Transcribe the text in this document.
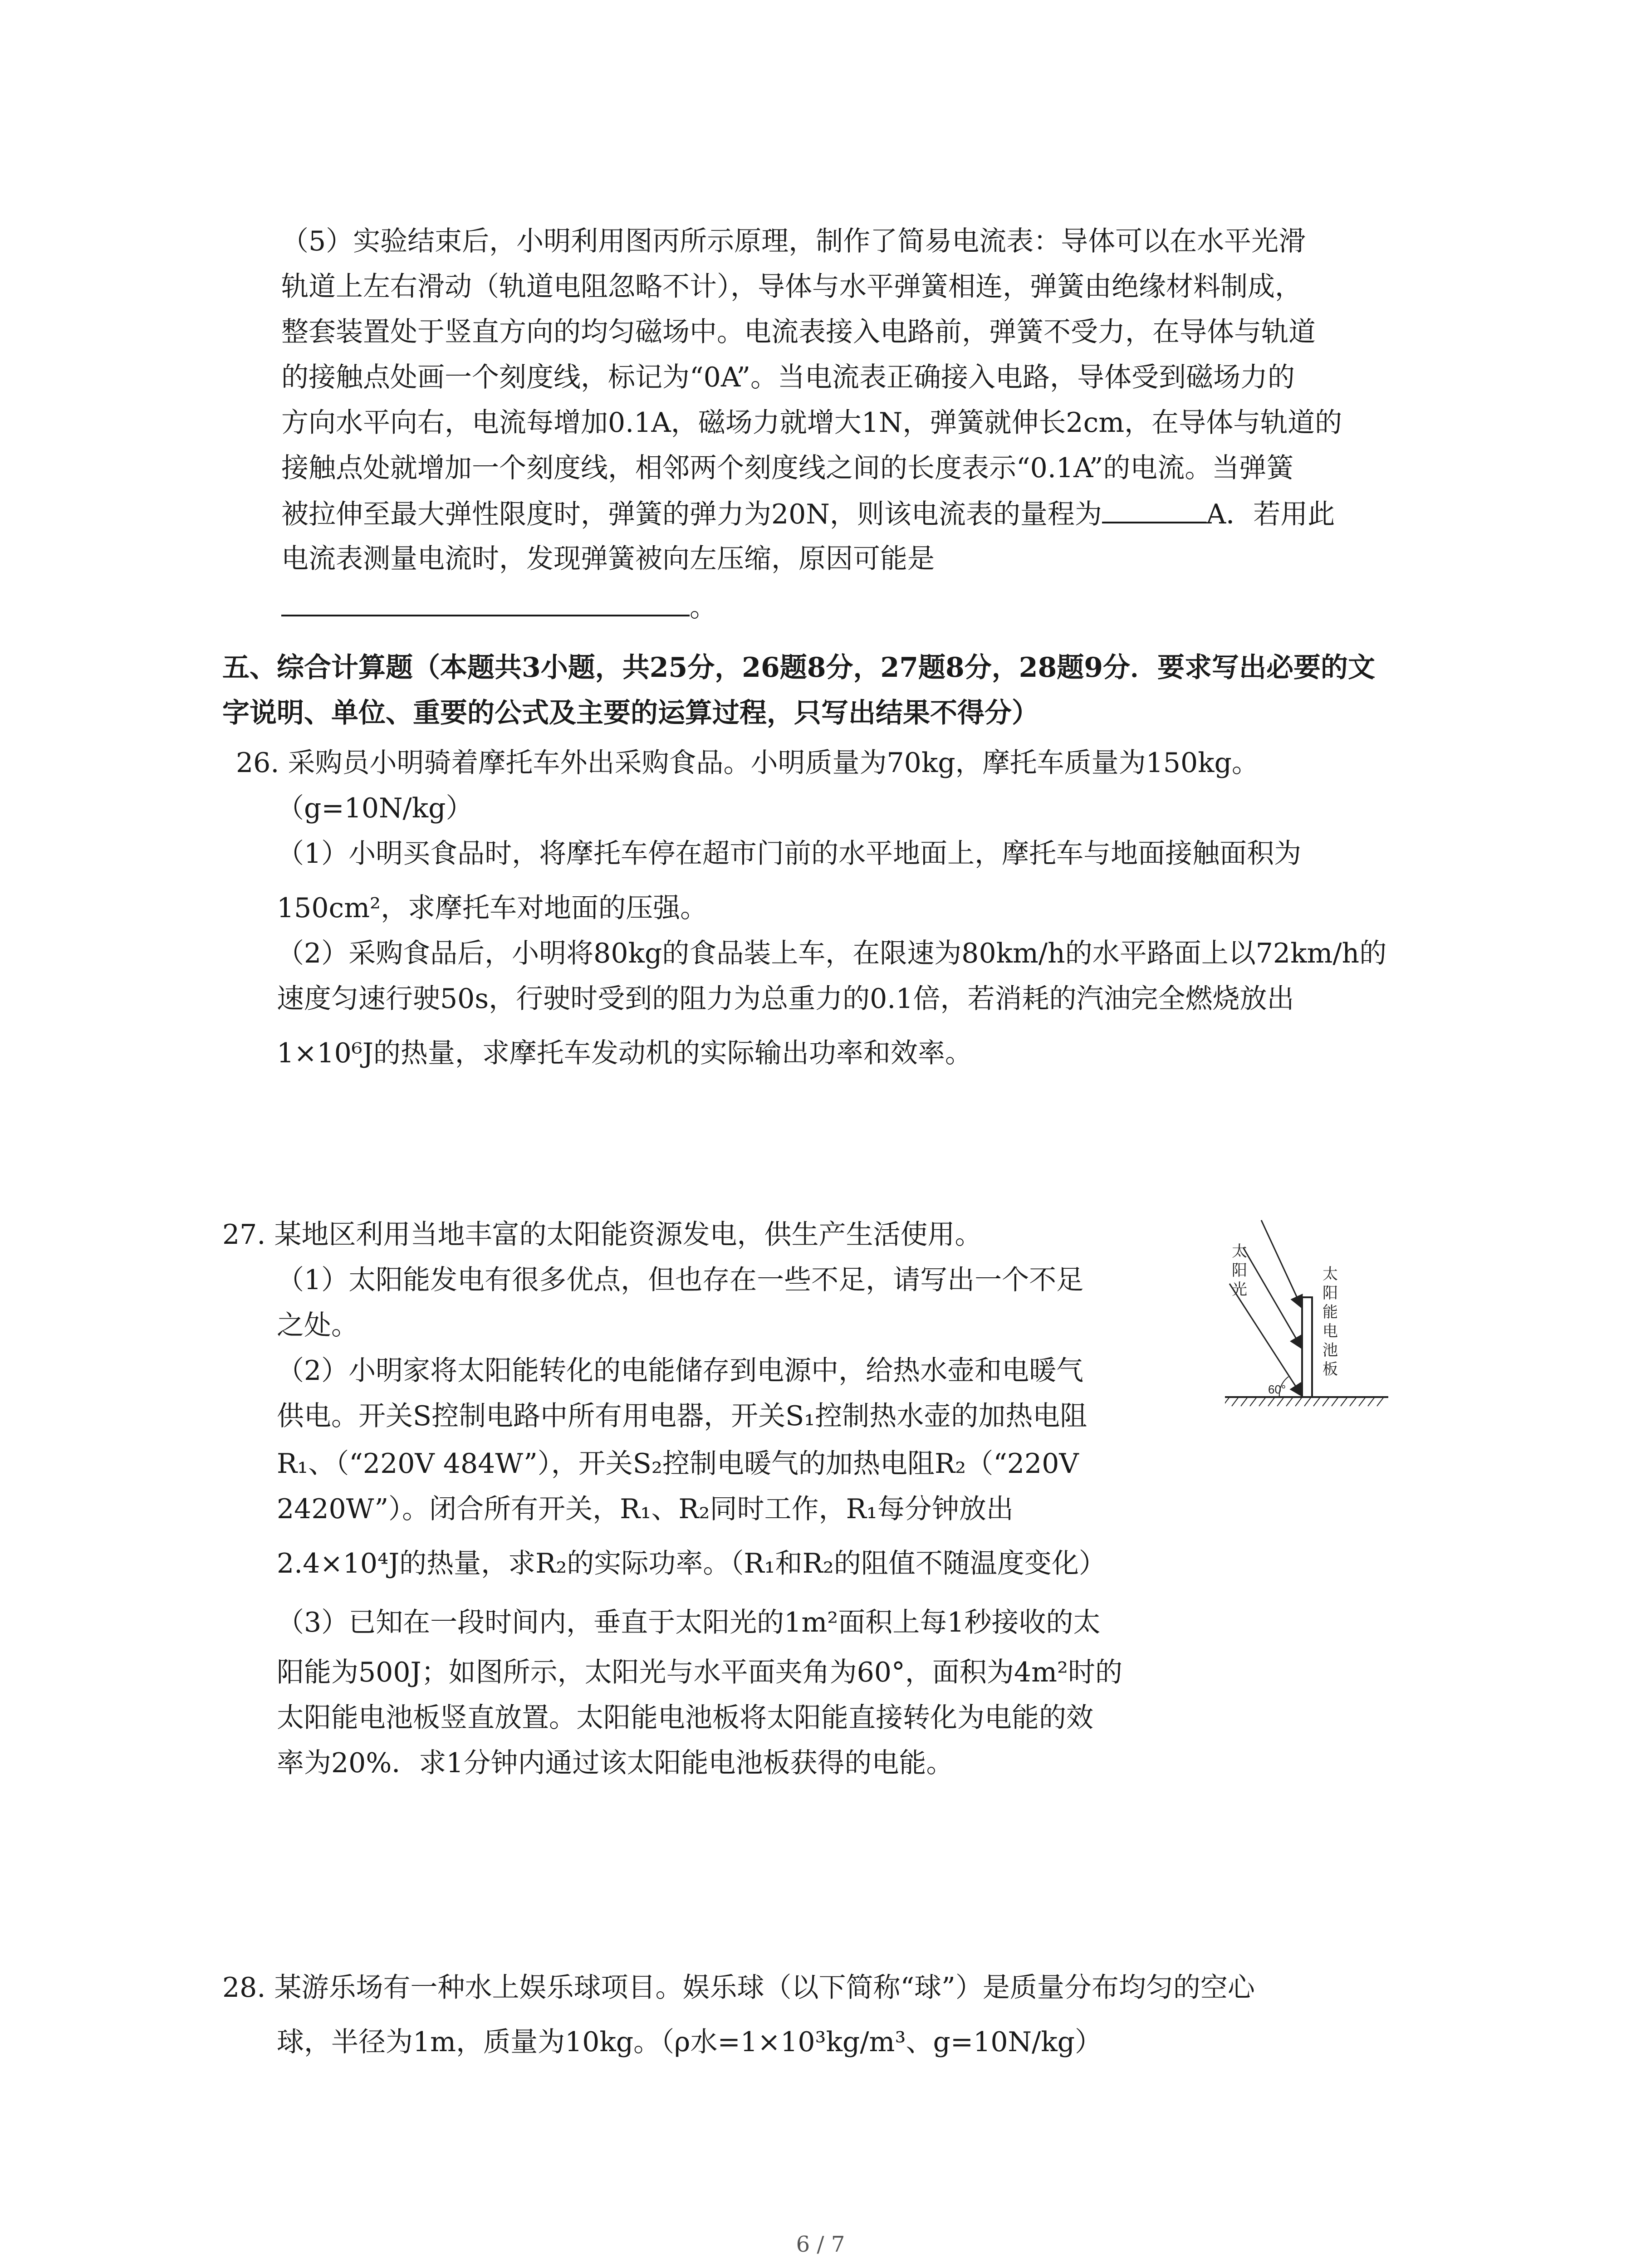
（5）实验结束后，小明利用图丙所示原理，制作了简易电流表：导体可以在水平光滑
轨道上左右滑动（轨道电阻忽略不计），导体与水平弹簧相连，弹簧由绝缘材料制成，
整套装置处于竖直方向的均匀磁场中。电流表接入电路前，弹簧不受力，在导体与轨道
的接触点处画一个刻度线，标记为“0A”。当电流表正确接入电路，导体受到磁场力的
方向水平向右，电流每增加0.1A，磁场力就增大1N，弹簧就伸长2cm，在导体与轨道的
接触点处就增加一个刻度线，相邻两个刻度线之间的长度表示“0.1A”的电流。当弹簧
被拉伸至最大弹性限度时，弹簧的弹力为20N，则该电流表的量程为	A．若用此
电流表测量电流时，发现弹簧被向左压缩，原因可能是
。
五、综合计算题（本题共3小题，共25分，26题8分，27题8分，28题9分．要求写出必要的文
字说明、单位、重要的公式及主要的运算过程，只写出结果不得分）
26. 采购员小明骑着摩托车外出采购食品。小明质量为70kg，摩托车质量为150kg。
（g=10N/kg）
（1）小明买食品时，将摩托车停在超市门前的水平地面上，摩托车与地面接触面积为
150cm²，求摩托车对地面的压强。
（2）采购食品后，小明将80kg的食品装上车，在限速为80km/h的水平路面上以72km/h的
速度匀速行驶50s，行驶时受到的阻力为总重力的0.1倍，若消耗的汽油完全燃烧放出
1×10⁶J的热量，求摩托车发动机的实际输出功率和效率。
27. 某地区利用当地丰富的太阳能资源发电，供生产生活使用。
（1）太阳能发电有很多优点，但也存在一些不足，请写出一个不足
之处。
（2）小明家将太阳能转化的电能储存到电源中，给热水壶和电暖气
供电。开关S控制电路中所有用电器，开关S₁控制热水壶的加热电阻
R₁、（“220V 484W”），开关S₂控制电暖气的加热电阻R₂（“220V
2420W”）。闭合所有开关，R₁、R₂同时工作，R₁每分钟放出
2.4×10⁴J的热量，求R₂的实际功率。（R₁和R₂的阻值不随温度变化）
（3）已知在一段时间内，垂直于太阳光的1m²面积上每1秒接收的太
阳能为500J；如图所示，太阳光与水平面夹角为60°，面积为4m²时的
太阳能电池板竖直放置。太阳能电池板将太阳能直接转化为电能的效
率为20%．求1分钟内通过该太阳能电池板获得的电能。
60°
太
阳
光
太
阳
能
电
池
板
28. 某游乐场有一种水上娱乐球项目。娱乐球（以下简称“球”）是质量分布均匀的空心
球，半径为1m，质量为10kg。（ρ水=1×10³kg/m³、g=10N/kg）
6 / 7
